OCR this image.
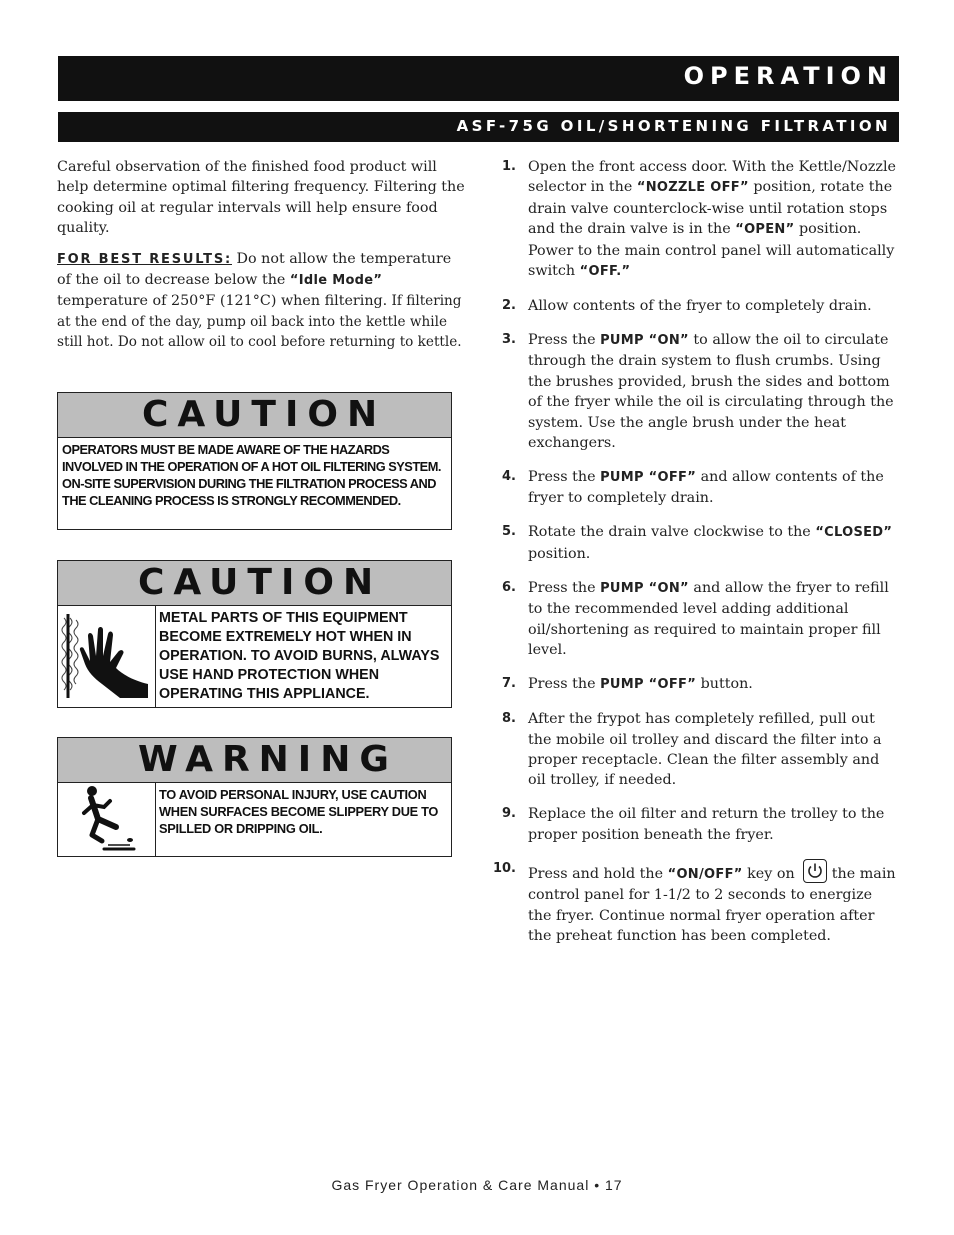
OPERATION
ASF-75G OIL/SHORTENING FILTRATION

Careful observation of the finished food product will help determine optimal filtering frequency. Filtering the cooking oil at regular intervals will help ensure food quality.

FOR BEST RESULTS: Do not allow the temperature of the oil to decrease below the “Idle Mode” temperature of 250°F (121°C) when filtering. If filtering at the end of the day, pump oil back into the kettle while still hot. Do not allow oil to cool before returning to kettle.

CAUTION
OPERATORS MUST BE MADE AWARE OF THE HAZARDS INVOLVED IN THE OPERATION OF A HOT OIL FILTERING SYSTEM. ON-SITE SUPERVISION DURING THE FILTRATION PROCESS AND THE CLEANING PROCESS IS STRONGLY RECOMMENDED.
CAUTION
METAL PARTS OF THIS EQUIPMENT BECOME EXTREMELY HOT WHEN IN OPERATION. TO AVOID BURNS, ALWAYS USE HAND PROTECTION WHEN OPERATING THIS APPLIANCE.
WARNING
TO AVOID PERSONAL INJURY, USE CAUTION WHEN SURFACES BECOME SLIPPERY DUE TO SPILLED OR DRIPPING OIL.
1. Open the front access door. With the Kettle/Nozzle selector in the “NOZZLE OFF” position, rotate the drain valve counterclock-wise until rotation stops and the drain valve is in the “OPEN” position. Power to the main control panel will automatically switch “OFF.”
2. Allow contents of the fryer to completely drain.
3. Press the PUMP “ON” to allow the oil to circulate through the drain system to flush crumbs. Using the brushes provided, brush the sides and bottom of the fryer while the oil is circulating through the system. Use the angle brush under the heat exchangers.
4. Press the PUMP “OFF” and allow contents of the fryer to completely drain.
5. Rotate the drain valve clockwise to the “CLOSED” position.
6. Press the PUMP “ON” and allow the fryer to refill to the recommended level adding additional oil/shortening as required to maintain proper fill level.
7. Press the PUMP “OFF” button.
8. After the frypot has completely refilled, pull out the mobile oil trolley and discard the filter into a proper receptacle. Clean the filter assembly and oil trolley, if needed.
9. Replace the oil filter and return the trolley to the proper position beneath the fryer.
10. Press and hold the “ON/OFF” key on  the main control panel for 1-1/2 to 2 seconds to energize the fryer. Continue normal fryer operation after the preheat function has been completed.
Gas Fryer Operation & Care Manual • 17
